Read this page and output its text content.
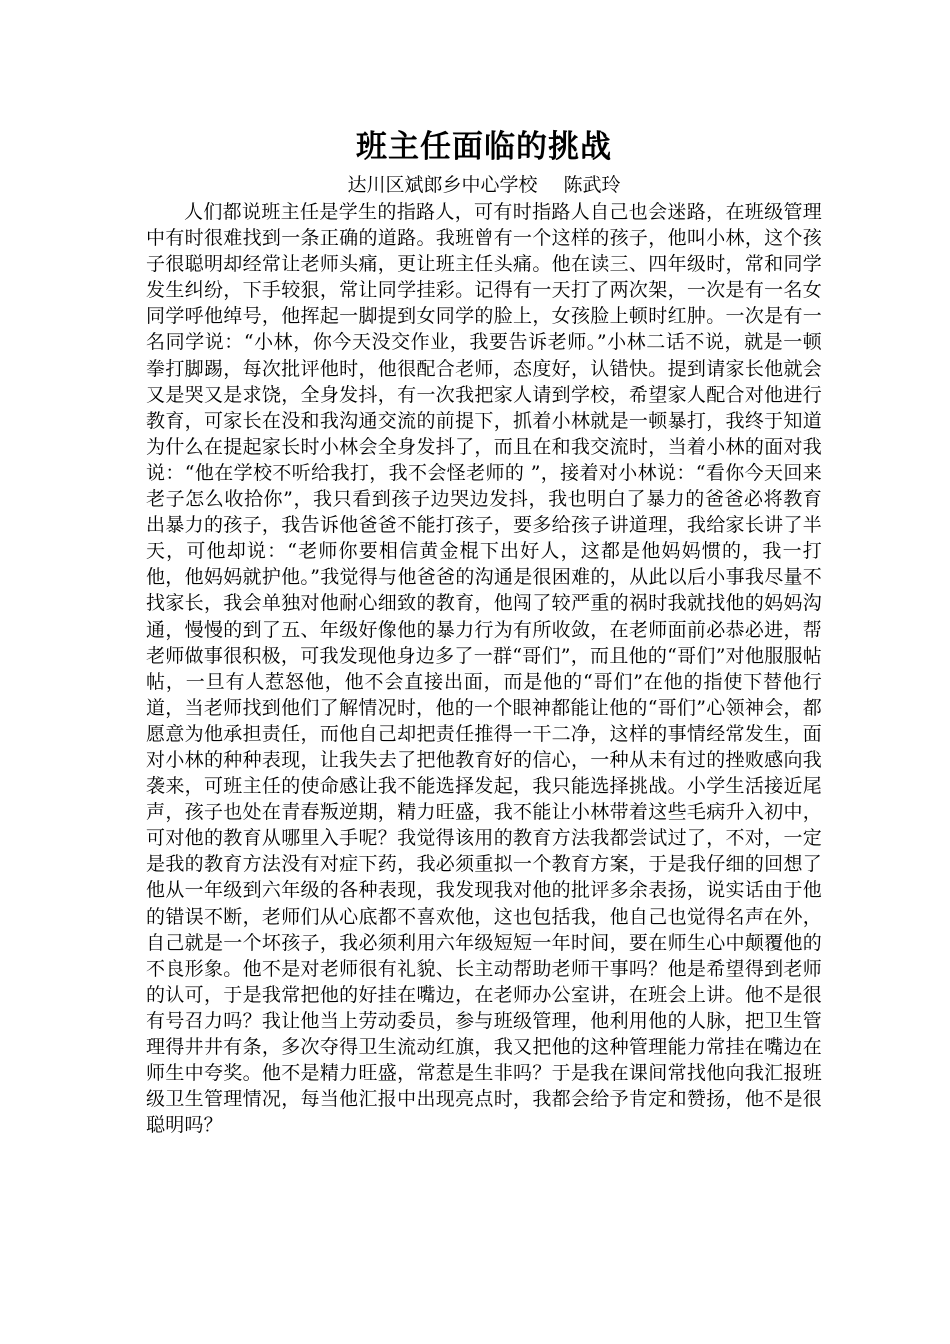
班主任面临的挑战
达川区斌郎乡中心学校 陈武玲

人们都说班主任是学生的指路人，可有时指路人自己也会迷路，在班级管理中有时很难找到一条正确的道路。我班曾有一个这样的孩子，他叫小林，这个孩子很聪明却经常让老师头痛，更让班主任头痛。他在读三、四年级时，常和同学发生纠纷，下手较狠，常让同学挂彩。记得有一天打了两次架，一次是有一名女同学呼他绰号，他挥起一脚提到女同学的脸上，女孩脸上顿时红肿。一次是有一名同学说：“小林，你今天没交作业，我要告诉老师。”小林二话不说，就是一顿拳打脚踢，每次批评他时，他很配合老师，态度好，认错快。提到请家长他就会又是哭又是求饶，全身发抖，有一次我把家人请到学校，希望家人配合对他进行教育，可家长在没和我沟通交流的前提下，抓着小林就是一顿暴打，我终于知道为什么在提起家长时小林会全身发抖了，而且在和我交流时，当着小林的面对我说：“他在学校不听给我打，我不会怪老师的 ”，接着对小林说：“看你今天回来老子怎么收拾你”，我只看到孩子边哭边发抖，我也明白了暴力的爸爸必将教育出暴力的孩子，我告诉他爸爸不能打孩子，要多给孩子讲道理，我给家长讲了半天，可他却说：“老师你要相信黄金棍下出好人，这都是他妈妈惯的，我一打他，他妈妈就护他。”我觉得与他爸爸的沟通是很困难的，从此以后小事我尽量不找家长，我会单独对他耐心细致的教育，他闯了较严重的祸时我就找他的妈妈沟通，慢慢的到了五、年级好像他的暴力行为有所收敛，在老师面前必恭必进，帮老师做事很积极，可我发现他身边多了一群“哥们”，而且他的“哥们”对他服服帖帖，一旦有人惹怒他，他不会直接出面，而是他的“哥们”在他的指使下替他行道，当老师找到他们了解情况时，他的一个眼神都能让他的“哥们”心领神会，都愿意为他承担责任，而他自己却把责任推得一干二净，这样的事情经常发生，面对小林的种种表现，让我失去了把他教育好的信心，一种从未有过的挫败感向我袭来，可班主任的使命感让我不能选择发起，我只能选择挑战。小学生活接近尾声，孩子也处在青春叛逆期，精力旺盛，我不能让小林带着这些毛病升入初中，可对他的教育从哪里入手呢？我觉得该用的教育方法我都尝试过了，不对，一定是我的教育方法没有对症下药，我必须重拟一个教育方案，于是我仔细的回想了他从一年级到六年级的各种表现，我发现我对他的批评多余表扬，说实话由于他的错误不断，老师们从心底都不喜欢他，这也包括我，他自己也觉得名声在外，自己就是一个坏孩子，我必须利用六年级短短一年时间，要在师生心中颠覆他的不良形象。他不是对老师很有礼貌、长主动帮助老师干事吗？他是希望得到老师的认可，于是我常把他的好挂在嘴边，在老师办公室讲，在班会上讲。他不是很有号召力吗？我让他当上劳动委员，参与班级管理，他利用他的人脉，把卫生管理得井井有条，多次夺得卫生流动红旗，我又把他的这种管理能力常挂在嘴边在师生中夸奖。他不是精力旺盛，常惹是生非吗？于是我在课间常找他向我汇报班级卫生管理情况，每当他汇报中出现亮点时，我都会给予肯定和赞扬，他不是很聪明吗？
